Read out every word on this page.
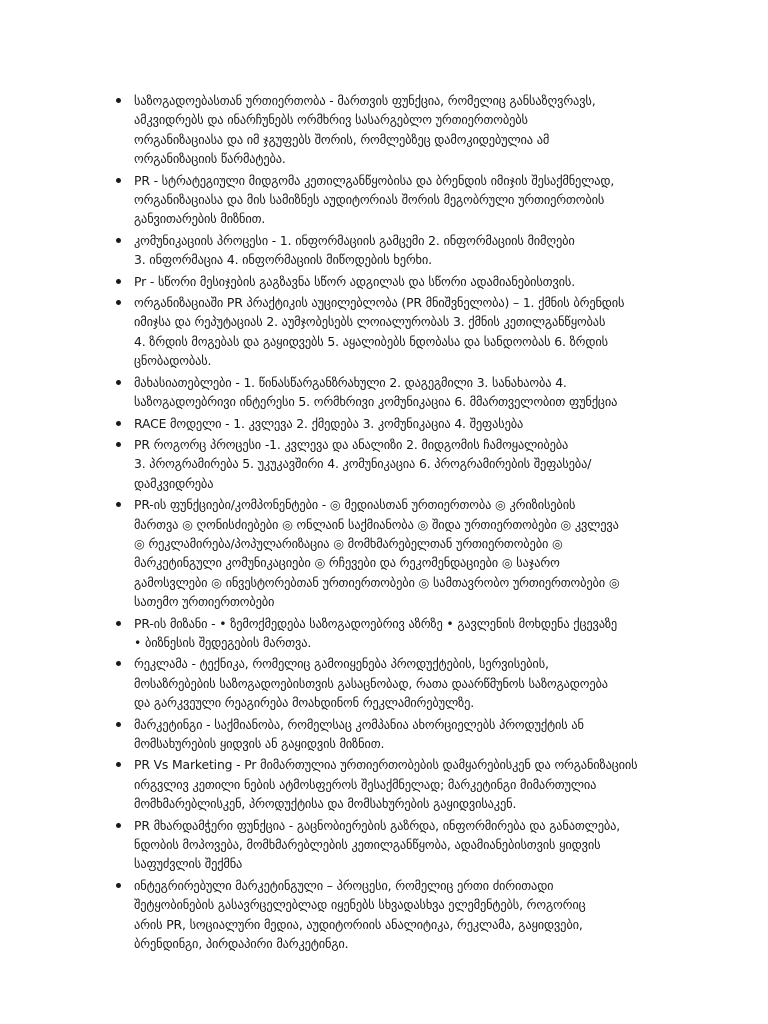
საზოგადოებასთან ურთიერთობა - მართვის ფუნქცია, რომელიც განსაზღვრავს,
ამკვიდრებს და ინარჩუნებს ორმხრივ სასარგებლო ურთიერთობებს
ორგანიზაციასა და იმ ჯგუფებს შორის, რომლებზეც დამოკიდებულია ამ
ორგანიზაციის წარმატება.
PR - სტრატეგიული მიდგომა კეთილგანწყობისა და ბრენდის იმიჯის შესაქმნელად,
ორგანიზაციასა და მის სამიზნეს აუდიტორიას შორის მეგობრული ურთიერთობის
განვითარების მიზნით.
კომუნიკაციის პროცესი - 1. ინფორმაციის გამცემი 2. ინფორმაციის მიმღები
3. ინფორმაცია 4. ინფორმაციის მიწოდების ხერხი.
Pr - სწორი მესიჯების გაგზავნა სწორ ადგილას და სწორი ადამიანებისთვის.
ორგანიზაციაში PR პრაქტიკის აუცილებლობა (PR მნიშვნელობა) – 1. ქმნის ბრენდის
იმიჯსა და რეპუტაციას 2. აუმჯობესებს ლოიალურობას 3. ქმნის კეთილგანწყობას
4. ზრდის მოგებას და გაყიდვებს 5. აყალიბებს ნდობასა და სანდოობას 6. ზრდის
ცნობადობას.
მახასიათებლები - 1. წინასწარგანზრახული 2. დაგეგმილი 3. სანახაობა 4.
საზოგადოებრივი ინტერესი 5. ორმხრივი კომუნიკაცია 6. მმართველობით ფუნქცია
RACE მოდელი - 1. კვლევა 2. ქმედება 3. კომუნიკაცია 4. შეფასება
PR როგორც პროცესი -1. კვლევა და ანალიზი 2. მიდგომის ჩამოყალიბება
3. პროგრამირება 5. უკუკავშირი 4. კომუნიკაცია 6. პროგრამირების შეფასება/
დამკვიდრება
PR-ის ფუნქციები/კომპონენტები - ◎ მედიასთან ურთიერთობა ◎ კრიზისების
მართვა ◎ ღონისძიებები ◎ ონლაინ საქმიანობა ◎ შიდა ურთიერთობები ◎ კვლევა
◎ რეკლამირება/პოპულარიზაცია ◎ მომხმარებელთან ურთიერთობები ◎
მარკეტინგული კომუნიკაციები ◎ რჩევები და რეკომენდაციები ◎ საჯარო
გამოსვლები ◎ ინვესტორებთან ურთიერთობები ◎ სამთავრობო ურთიერთობები ◎
სათემო ურთიერთობები
PR-ის მიზანი - • ზემოქმედება საზოგადოებრივ აზრზე • გავლენის მოხდენა ქცევაზე
• ბიზნესის შედეგების მართვა.
რეკლამა - ტექნიკა, რომელიც გამოიყენება პროდუქტების, სერვისების,
მოსაზრებების საზოგადოებისთვის გასაცნობად, რათა დაარწმუნოს საზოგადოება
და გარკვეული რეაგირება მოახდინონ რეკლამირებულზე.
მარკეტინგი - საქმიანობა, რომელსაც კომპანია ახორციელებს პროდუქტის ან
მომსახურების ყიდვის ან გაყიდვის მიზნით.
PR Vs Marketing - Pr მიმართულია ურთიერთობების დამყარებისკენ და ორგანიზაციის
ირგვლივ კეთილი ნების ატმოსფეროს შესაქმნელად; მარკეტინგი მიმართულია
მომხმარებლისკენ, პროდუქტისა და მომსახურების გაყიდვისაკენ.
PR მხარდამჭერი ფუნქცია - გაცნობიერების გაზრდა, ინფორმირება და განათლება,
ნდობის მოპოვება, მომხმარებლების კეთილგანწყობა, ადამიანებისთვის ყიდვის
საფუძვლის შექმნა
ინტეგრირებული მარკეტინგული – პროცესი, რომელიც ერთი ძირითადი
შეტყობინების გასავრცელებლად იყენებს სხვადასხვა ელემენტებს, როგორიც
არის PR, სოციალური მედია, აუდიტორიის ანალიტიკა, რეკლამა, გაყიდვები,
ბრენდინგი, პირდაპირი მარკეტინგი.
